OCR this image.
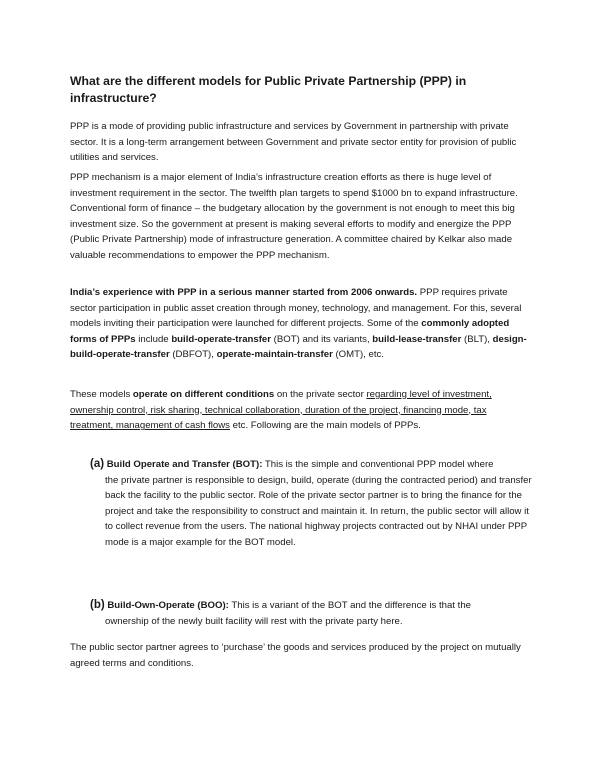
What are the different models for Public Private Partnership (PPP) in infrastructure?

PPP is a mode of providing public infrastructure and services by Government in partnership with private sector. It is a long-term arrangement between Government and private sector entity for provision of public utilities and services.

PPP mechanism is a major element of India’s infrastructure creation efforts as there is huge level of investment requirement in the sector. The twelfth plan targets to spend $1000 bn to expand infrastructure. Conventional form of finance – the budgetary allocation by the government is not enough to meet this big investment size. So the government at present is making several efforts to modify and energize the PPP (Public Private Partnership) mode of infrastructure generation. A committee chaired by Kelkar also made valuable recommendations to empower the PPP mechanism.

India’s experience with PPP in a serious manner started from 2006 onwards. PPP requires private sector participation in public asset creation through money, technology, and management. For this, several models inviting their participation were launched for different projects. Some of the commonly adopted forms of PPPs include build-operate-transfer (BOT) and its variants, build-lease-transfer (BLT), design-build-operate-transfer (DBFOT), operate-maintain-transfer (OMT), etc.

These models operate on different conditions on the private sector regarding level of investment, ownership control, risk sharing, technical collaboration, duration of the project, financing mode, tax treatment, management of cash flows etc. Following are the main models of PPPs.

(a) Build Operate and Transfer (BOT): This is the simple and conventional PPP model where
the private partner is responsible to design, build, operate (during the contracted period) and transfer back the facility to the public sector. Role of the private sector partner is to bring the finance for the project and take the responsibility to construct and maintain it. In return, the public sector will allow it to collect revenue from the users. The national highway projects contracted out by NHAI under PPP mode is a major example for the BOT model.
(b) Build-Own-Operate (BOO): This is a variant of the BOT and the difference is that the
ownership of the newly built facility will rest with the private party here.

The public sector partner agrees to ‘purchase’ the goods and services produced by the project on mutually agreed terms and conditions.
